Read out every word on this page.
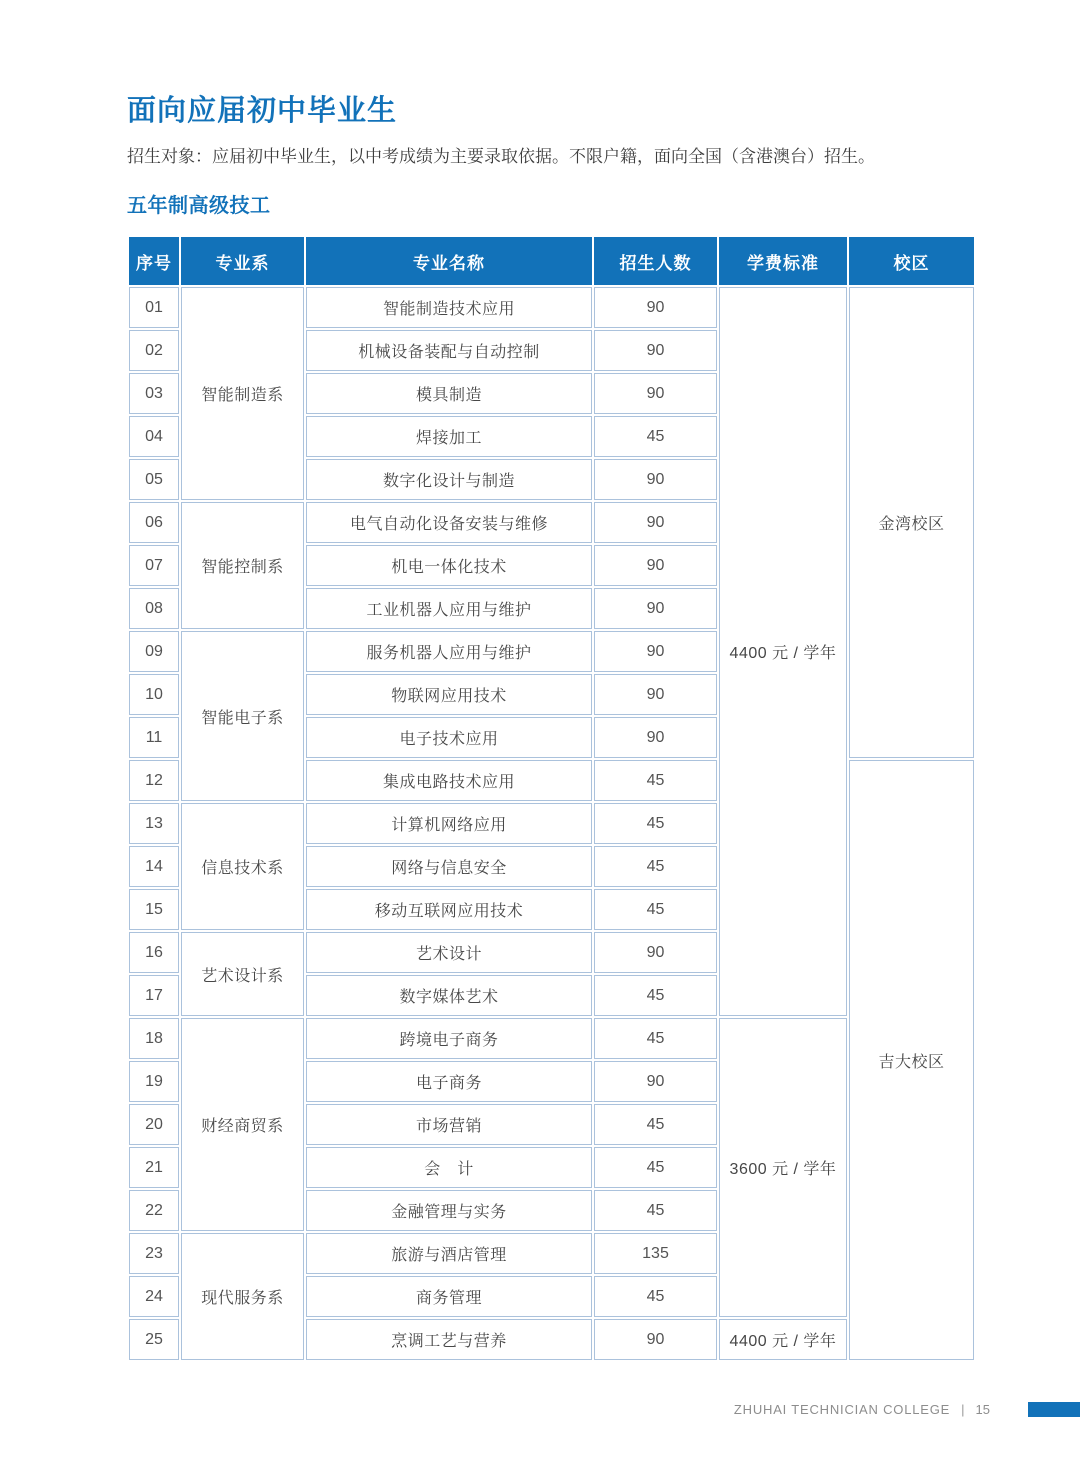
面向应届初中毕业生

招生对象：应届初中毕业生，以中考成绩为主要录取依据。不限户籍，面向全国（含港澳台）招生。

五年制高级技工
序号	专业系	专业名称	招生人数	学费标准	校区
01	智能制造系	智能制造技术应用	90	4400 元 / 学年	金湾校区
02		机械设备装配与自动控制	90		
03		模具制造	90		
04		焊接加工	45		
05		数字化设计与制造	90		
06	智能控制系	电气自动化设备安装与维修	90		
07		机电一体化技术	90		
08		工业机器人应用与维护	90		
09	智能电子系	服务机器人应用与维护	90		
10		物联网应用技术	90		
11		电子技术应用	90		
12		集成电路技术应用	45		吉大校区
13	信息技术系	计算机网络应用	45		
14		网络与信息安全	45		
15		移动互联网应用技术	45		
16	艺术设计系	艺术设计	90		
17		数字媒体艺术	45		
18	财经商贸系	跨境电子商务	45	3600 元 / 学年	
19		电子商务	90		
20		市场营销	45		
21		会　计	45		
22		金融管理与实务	45		
23	现代服务系	旅游与酒店管理	135		
24		商务管理	45		
25		烹调工艺与营养	90	4400 元 / 学年	
ZHUHAI TECHNICIAN COLLEGE | 15
